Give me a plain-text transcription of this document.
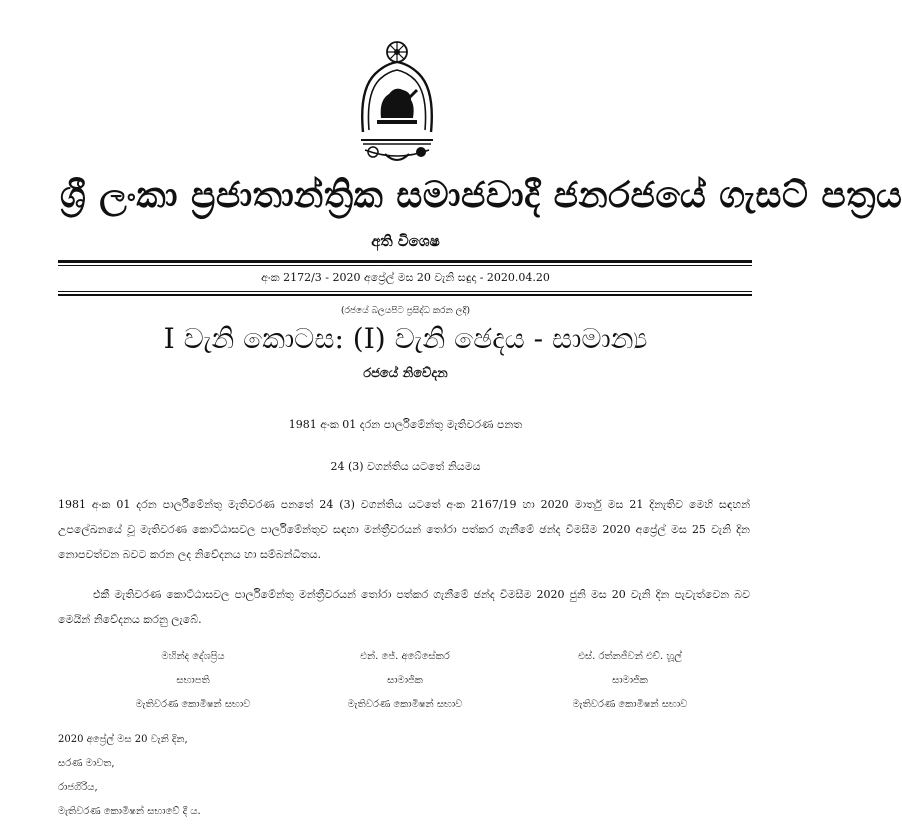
ශ්‍රී ලංකා ප්‍රජාතාන්ත්‍රික සමාජවාදී ජනරජයේ ගැසට් පත්‍රය
අති විශෙෂ
අංක 2172/3 - 2020 අප්‍රේල් මස 20 වැනි සඳුදා - 2020.04.20
(රජයේ බලයපිට ප්‍රසිද්ධ කරන ලදී)
I වැනි කොටස: (I) වැනි ඡෙදය - සාමාන්‍ය
රජයේ නිවේදන
1981 අංක 01 දරන පාර්ලිමේන්තු මැතිවරණ පනත
24 (3) වගන්තිය යටතේ නියමය
1981 අංක 01 දරන පාර්ලිමේන්තු මැතිවරණ පනතේ 24 (3) වගන්තිය යටතේ අංක 2167/19 හා 2020 මාර්තු මස 21 දිනැතිව මෙහි සඳහන් උපලේඛනයේ වූ මැතිවරණ කොට්ඨාසවල පාර්ලිමේන්තුව සඳහා මන්ත්‍රීවරයන් තෝරා පත්කර ගැනීමේ ඡන්ද විමසීම 2020 අප්‍රේල් මස 25 වැනි දින නොපවත්වන බවට කරන ලද නිවේදනය හා සම්බන්ධිතය.
එකී මැතිවරණ කොට්ඨාසවල පාර්ලිමේන්තු මන්ත්‍රීවරයන් තෝරා පත්කර ගැනීමේ ඡන්ද විමසීම 2020 ජුනි මස 20 වැනි දින පැවැත්වෙන බව මෙයින් නිවේදනය කරනු ලැබේ.
මහින්ද දේශප්‍රිය
සභාපති
මැතිවරණ කොමිෂන් සභාව
එන්. ජේ. අබේසේකර
සාමාජික
මැතිවරණ කොමිෂන් සභාව
එස්. රත්නජීවන් එච්. හූල්
සාමාජික
මැතිවරණ කොමිෂන් සභාව
2020 අප්‍රේල් මස 20 වැනි දින,
සරණ මාවත,
රාජගිරිය,
මැතිවරණ කොමිෂන් සභාවේ දී ය.
